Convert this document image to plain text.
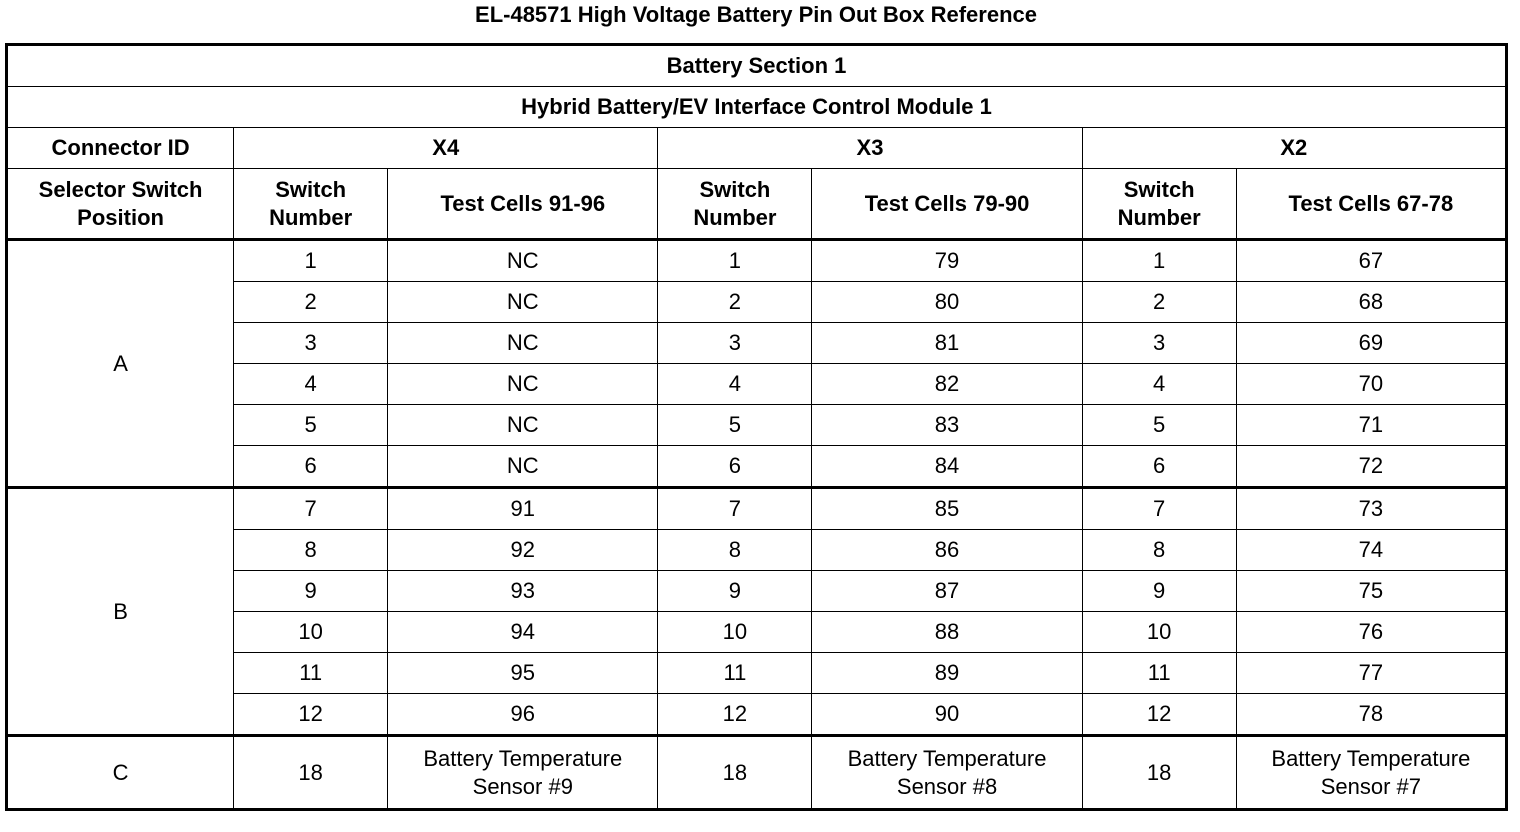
EL-48571 High Voltage Battery Pin Out Box Reference
Battery Section 1						
Hybrid Battery/EV Interface Control Module 1						
Connector ID	X4		X3		X2	
Selector Switch Position	Switch Number	Test Cells 91-96	Switch Number	Test Cells 79-90	Switch Number	Test Cells 67-78
A	1	NC	1	79	1	67
	2	NC	2	80	2	68
	3	NC	3	81	3	69
	4	NC	4	82	4	70
	5	NC	5	83	5	71
	6	NC	6	84	6	72
B	7	91	7	85	7	73
	8	92	8	86	8	74
	9	93	9	87	9	75
	10	94	10	88	10	76
	11	95	11	89	11	77
	12	96	12	90	12	78
C	18	Battery Temperature Sensor #9	18	Battery Temperature Sensor #8	18	Battery Temperature Sensor #7
